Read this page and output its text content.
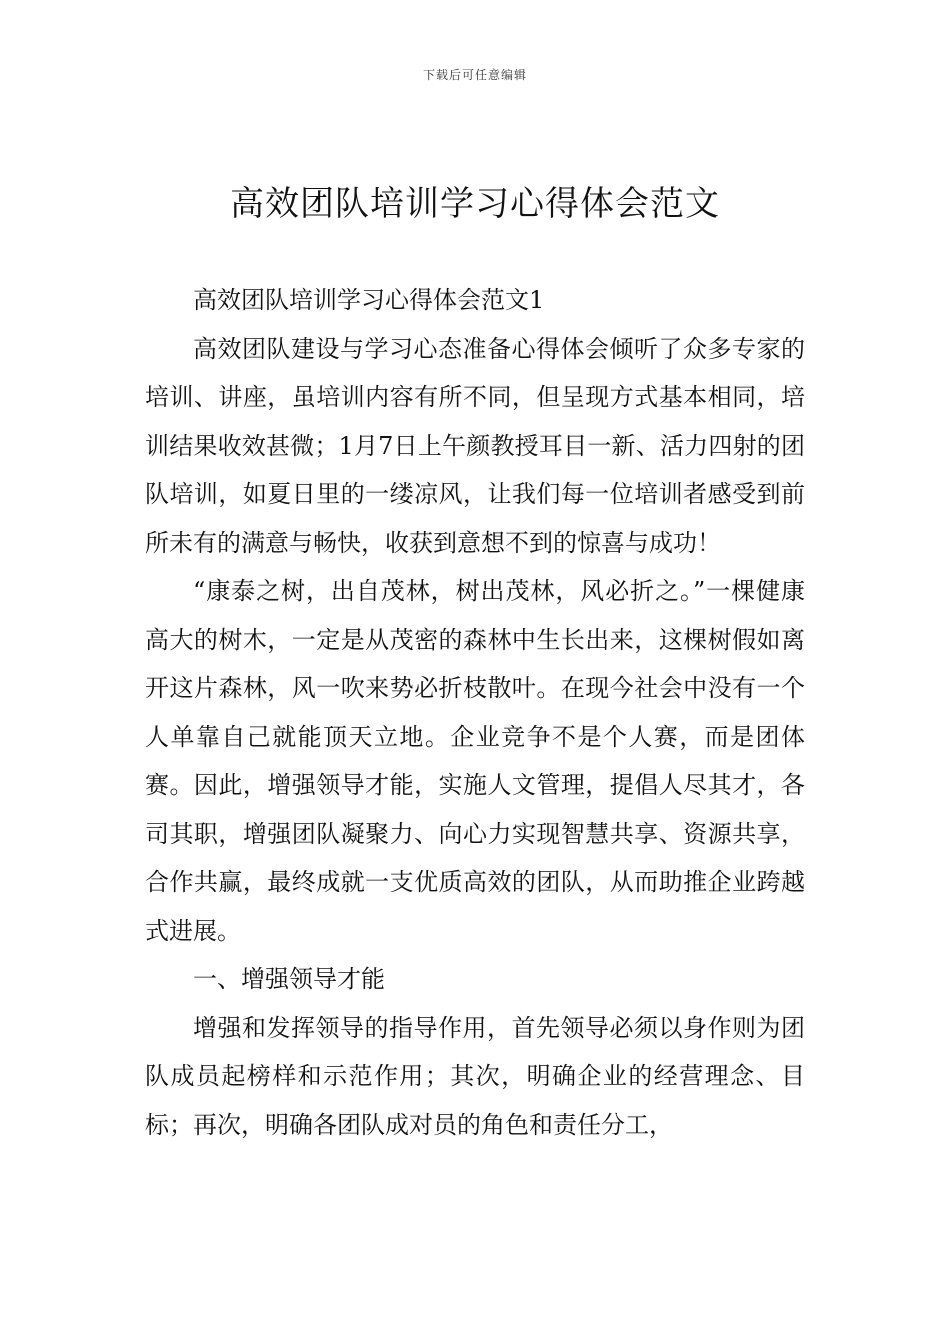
下载后可任意编辑
高效团队培训学习心得体会范文

高效团队培训学习心得体会范文1

高效团队建设与学习心态准备心得体会倾听了众多专家的培训、讲座，虽培训内容有所不同，但呈现方式基本相同，培训结果收效甚微；1月7日上午颜教授耳目一新、活力四射的团队培训，如夏日里的一缕凉风，让我们每一位培训者感受到前所未有的满意与畅快，收获到意想不到的惊喜与成功！

“康泰之树，出自茂林，树出茂林，风必折之。”一棵健康高大的树木，一定是从茂密的森林中生长出来，这棵树假如离开这片森林，风一吹来势必折枝散叶。在现今社会中没有一个人单靠自己就能顶天立地。企业竞争不是个人赛，而是团体赛。因此，增强领导才能，实施人文管理，提倡人尽其才，各司其职，增强团队凝聚力、向心力实现智慧共享、资源共享，合作共赢，最终成就一支优质高效的团队，从而助推企业跨越式进展。

一、增强领导才能

增强和发挥领导的指导作用，首先领导必须以身作则为团队成员起榜样和示范作用；其次，明确企业的经营理念、目标；再次，明确各团队成对员的角色和责任分工，
